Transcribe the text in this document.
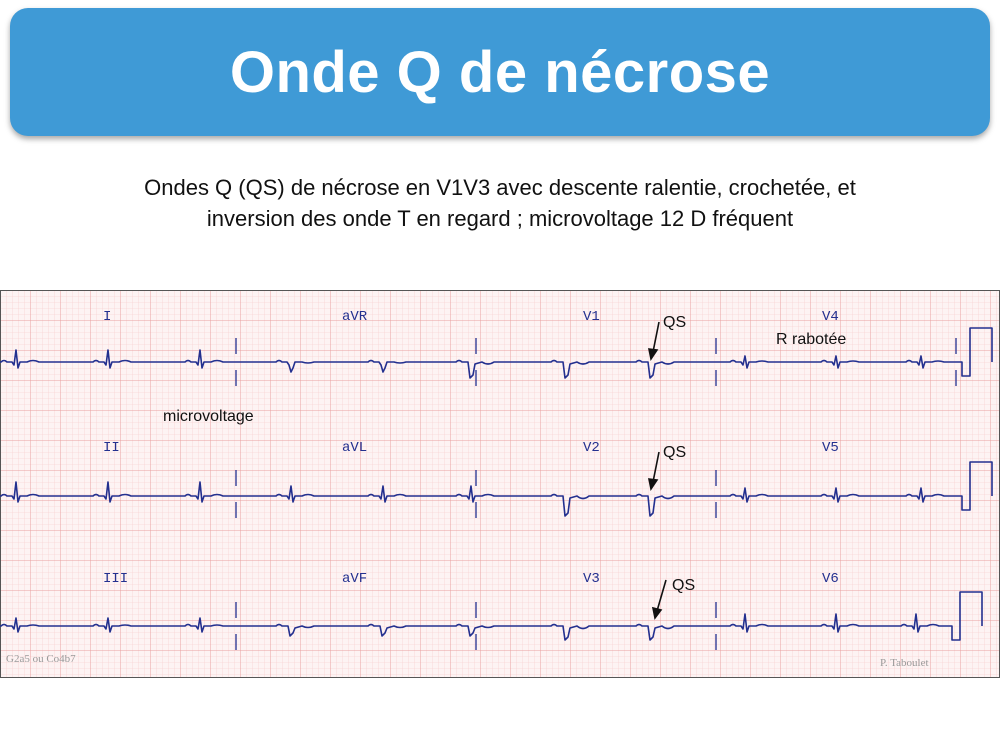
Onde Q de nécrose
Ondes Q (QS) de nécrose en V1V3 avec descente ralentie, crochetée, et
inversion des onde T en regard ; microvoltage 12 D fréquent
I	aVR	V1	V4
II	aVL	V2	V5
III	aVF	V3	V6
QS
R rabotée
microvoltage
QS
QS
G2a5 ou Co4b7	P. Taboulet
